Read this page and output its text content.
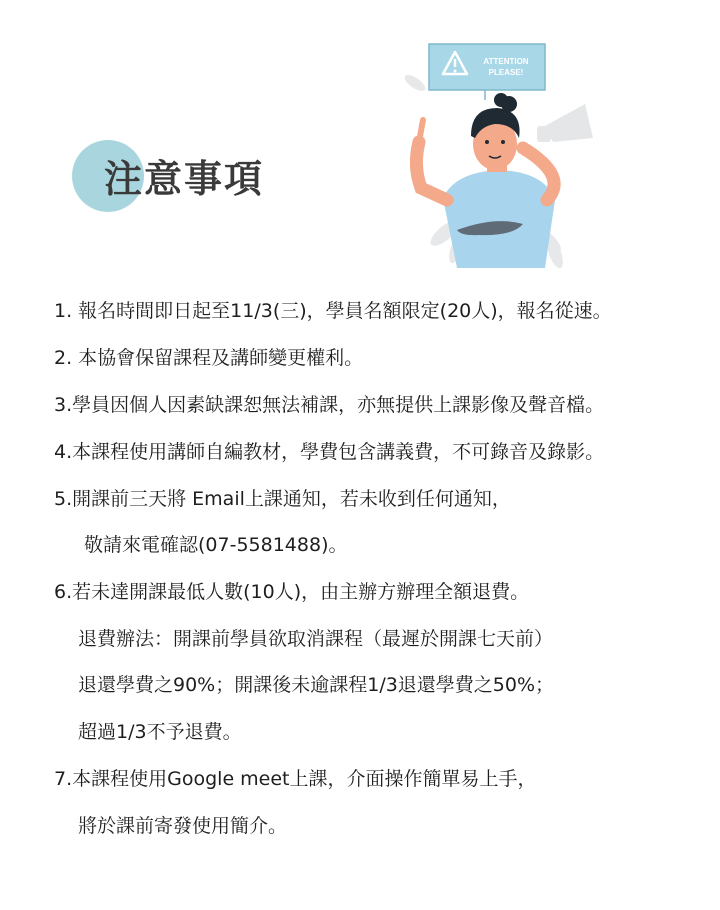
注意事項
ATTENTION
PLEASE!
1. 報名時間即日起至11/3(三)，學員名額限定(20人)，報名從速。
2. 本協會保留課程及講師變更權利。
3.學員因個人因素缺課恕無法補課，亦無提供上課影像及聲音檔。
4.本課程使用講師自編教材，學費包含講義費，不可錄音及錄影。
5.開課前三天將 Email上課通知，若未收到任何通知，
敬請來電確認(07-5581488)。
6.若未達開課最低人數(10人)，由主辦方辦理全額退費。
退費辦法：開課前學員欲取消課程（最遲於開課七天前）
退還學費之90%；開課後未逾課程1/3退還學費之50%；
超過1/3不予退費。
7.本課程使用Google meet上課，介面操作簡單易上手，
將於課前寄發使用簡介。
